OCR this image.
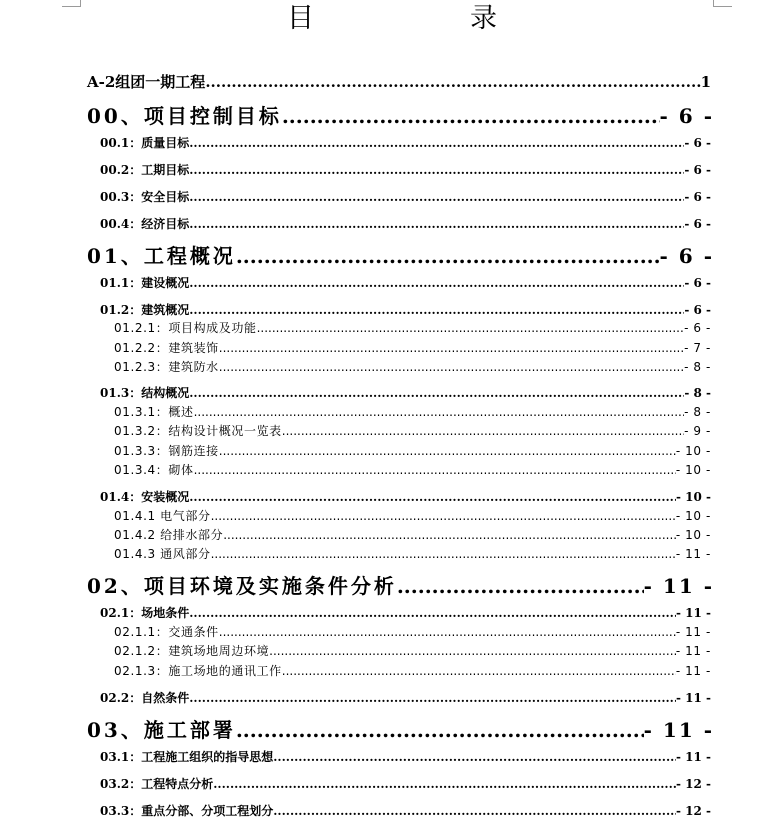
目	录
A-2组团一期工程 .....	1
00、项目控制目标 .....	- 6 -
00.1：质量目标 .....	- 6 -
00.2：工期目标 .....	- 6 -
00.3：安全目标 .....	- 6 -
00.4：经济目标 .....	- 6 -
01、工程概况 .....	- 6 -
01.1：建设概况 .....	- 6 -
01.2：建筑概况 .....	- 6 -
01.2.1：项目构成及功能 .....	- 6 -
01.2.2：建筑装饰 .....	- 7 -
01.2.3：建筑防水 .....	- 8 -
01.3：结构概况 .....	- 8 -
01.3.1：概述 .....	- 8 -
01.3.2：结构设计概况一览表 .....	- 9 -
01.3.3：钢筋连接 .....	- 10 -
01.3.4：砌体 .....	- 10 -
01.4：安装概况 .....	- 10 -
01.4.1 电气部分 .....	- 10 -
01.4.2 给排水部分 .....	- 10 -
01.4.3 通风部分 .....	- 11 -
02、项目环境及实施条件分析 .....	- 11 -
02.1：场地条件 .....	- 11 -
02.1.1：交通条件 .....	- 11 -
02.1.2：建筑场地周边环境 .....	- 11 -
02.1.3：施工场地的通讯工作 .....	- 11 -
02.2：自然条件 .....	- 11 -
03、施工部署 .....	- 11 -
03.1：工程施工组织的指导思想 .....	- 11 -
03.2：工程特点分析 .....	- 12 -
03.3：重点分部、分项工程划分 .....	- 12 -
